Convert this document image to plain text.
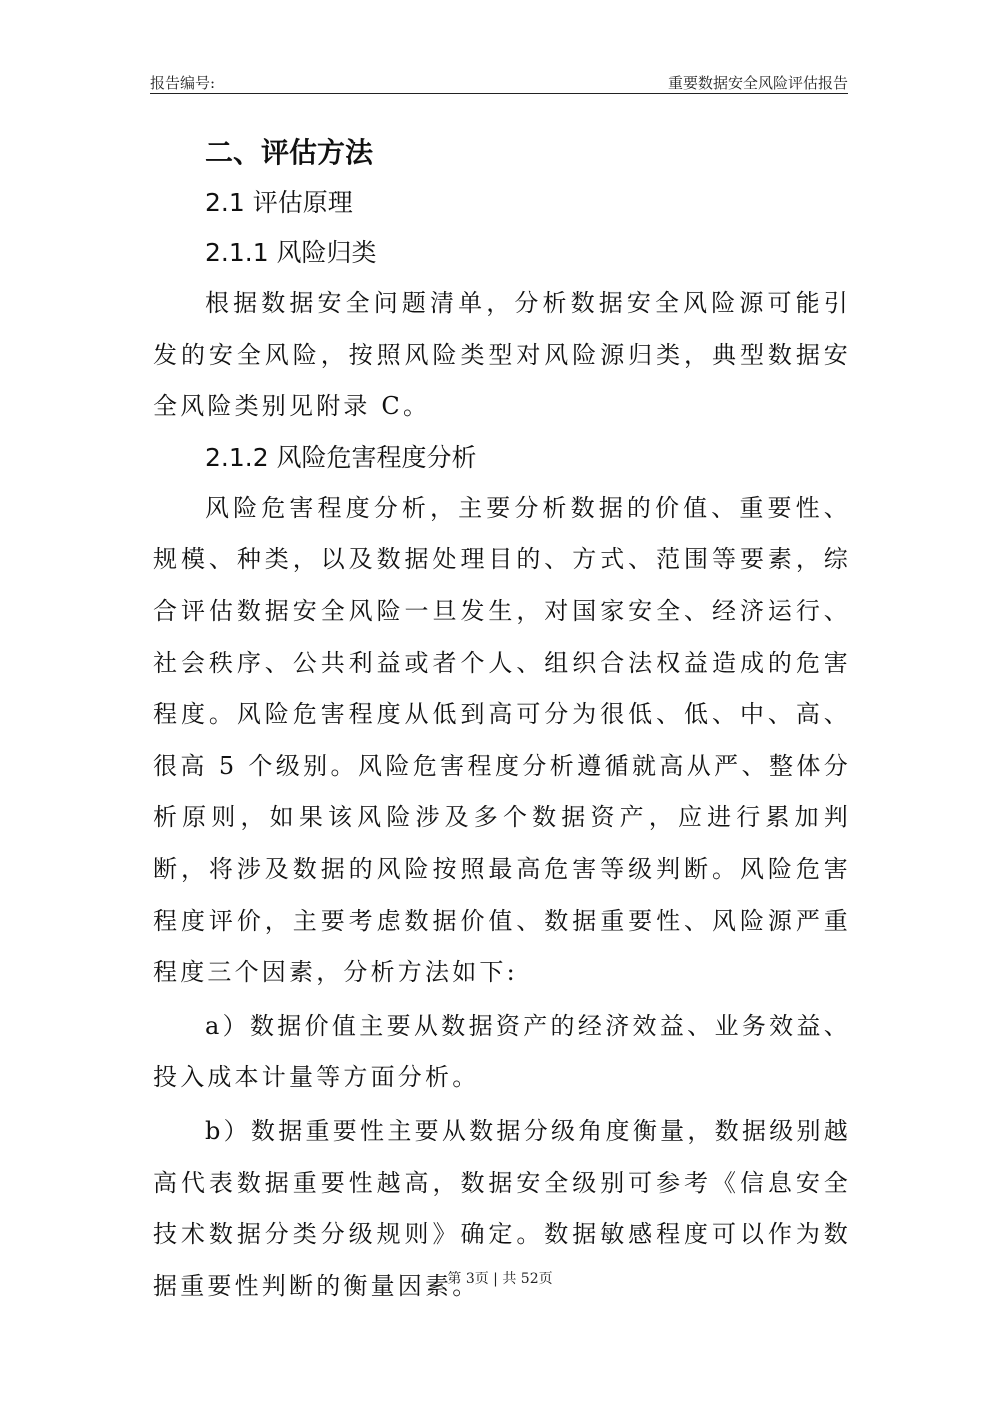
报告编号:	重要数据安全风险评估报告
二、评估方法
2.1 评估原理
2.1.1 风险归类

根据数据安全问题清单，分析数据安全风险源可能引发的安全风险，按照风险类型对风险源归类，典型数据安全风险类别见附录 C。

2.1.2 风险危害程度分析

风险危害程度分析，主要分析数据的价值、重要性、规模、种类，以及数据处理目的、方式、范围等要素，综合评估数据安全风险一旦发生，对国家安全、经济运行、社会秩序、公共利益或者个人、组织合法权益造成的危害程度。风险危害程度从低到高可分为很低、低、中、高、很高 5 个级别。风险危害程度分析遵循就高从严、整体分析原则，如果该风险涉及多个数据资产，应进行累加判断，将涉及数据的风险按照最高危害等级判断。风险危害程度评价，主要考虑数据价值、数据重要性、风险源严重程度三个因素，分析方法如下:

a）数据价值主要从数据资产的经济效益、业务效益、投入成本计量等方面分析。

b）数据重要性主要从数据分级角度衡量，数据级别越高代表数据重要性越高，数据安全级别可参考《信息安全技术数据分类分级规则》确定。数据敏感程度可以作为数据重要性判断的衡量因素。

第 3页 | 共 52页
